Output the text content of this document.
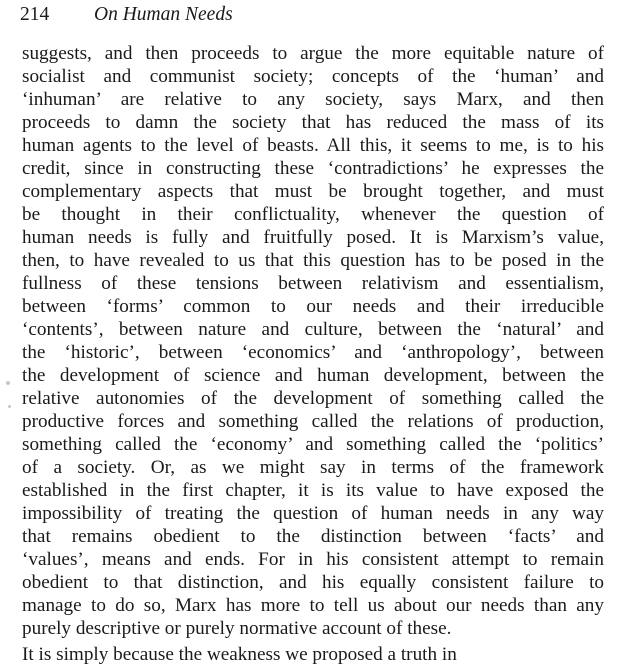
214 On Human Needs
suggests, and then proceeds to argue the more equitable nature of
socialist and communist society; concepts of the ‘human’ and
‘inhuman’ are relative to any society, says Marx, and then
proceeds to damn the society that has reduced the mass of its
human agents to the level of beasts. All this, it seems to me, is to his
credit, since in constructing these ‘contradictions’ he expresses the
complementary aspects that must be brought together, and must
be thought in their conflictuality, whenever the question of
human needs is fully and fruitfully posed. It is Marxism’s value,
then, to have revealed to us that this question has to be posed in the
fullness of these tensions between relativism and essentialism,
between ‘forms’ common to our needs and their irreducible
‘contents’, between nature and culture, between the ‘natural’ and
the ‘historic’, between ‘economics’ and ‘anthropology’, between
the development of science and human development, between the
relative autonomies of the development of something called the
productive forces and something called the relations of production,
something called the ‘economy’ and something called the ‘politics’
of a society. Or, as we might say in terms of the framework
established in the first chapter, it is its value to have exposed the
impossibility of treating the question of human needs in any way
that remains obedient to the distinction between ‘facts’ and
‘values’, means and ends. For in his consistent attempt to remain
obedient to that distinction, and his equally consistent failure to
manage to do so, Marx has more to tell us about our needs than any
purely descriptive or purely normative account of these.
It is simply because the weakness we proposed a truth in
